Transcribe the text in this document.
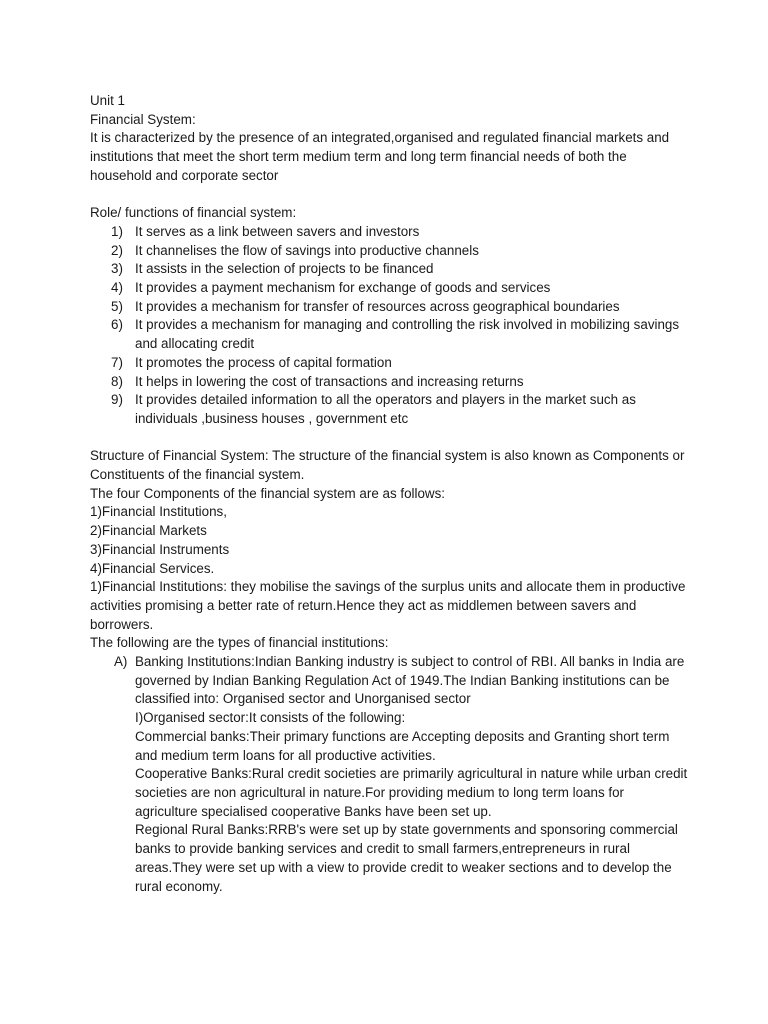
Unit 1

Financial System:

It is characterized by the presence of an integrated,organised and regulated financial markets and institutions that meet the short term medium term and long term financial needs of both the household and corporate sector

Role/ functions of financial system:

1) It serves as a link between savers and investors
2) It channelises the flow of savings into productive channels
3) It assists in the selection of projects to be financed
4) It provides a payment mechanism for exchange of goods and services
5) It provides a mechanism for transfer of resources across geographical boundaries
6) It provides a mechanism for managing and controlling the risk involved in mobilizing savings and allocating credit
7) It promotes the process of capital formation
8) It helps in lowering the cost of transactions and increasing returns
9) It provides detailed information to all the operators and players in the market such as individuals ,business houses , government etc

Structure of Financial System: The structure of the financial system is also known as Components or Constituents of the financial system.

The four Components of the financial system are as follows:

1)Financial Institutions,

2)Financial Markets

3)Financial Instruments

4)Financial Services.

1)Financial Institutions: they mobilise the savings of the surplus units and allocate them in productive activities promising a better rate of return.Hence they act as middlemen between savers and borrowers.

The following are the types of financial institutions:

A) Banking Institutions:Indian Banking industry is subject to control of RBI. All banks in India are governed by Indian Banking Regulation Act of 1949.The Indian Banking institutions can be classified into: Organised sector and Unorganised sector

I)Organised sector:It consists of the following:

Commercial banks:Their primary functions are Accepting deposits and Granting short term and medium term loans for all productive activities.

Cooperative Banks:Rural credit societies are primarily agricultural in nature while urban credit societies are non agricultural in nature.For providing medium to long term loans for agriculture specialised cooperative Banks have been set up.

Regional Rural Banks:RRB's were set up by state governments and sponsoring commercial banks to provide banking services and credit to small farmers,entrepreneurs in rural areas.They were set up with a view to provide credit to weaker sections and to develop the rural economy.
